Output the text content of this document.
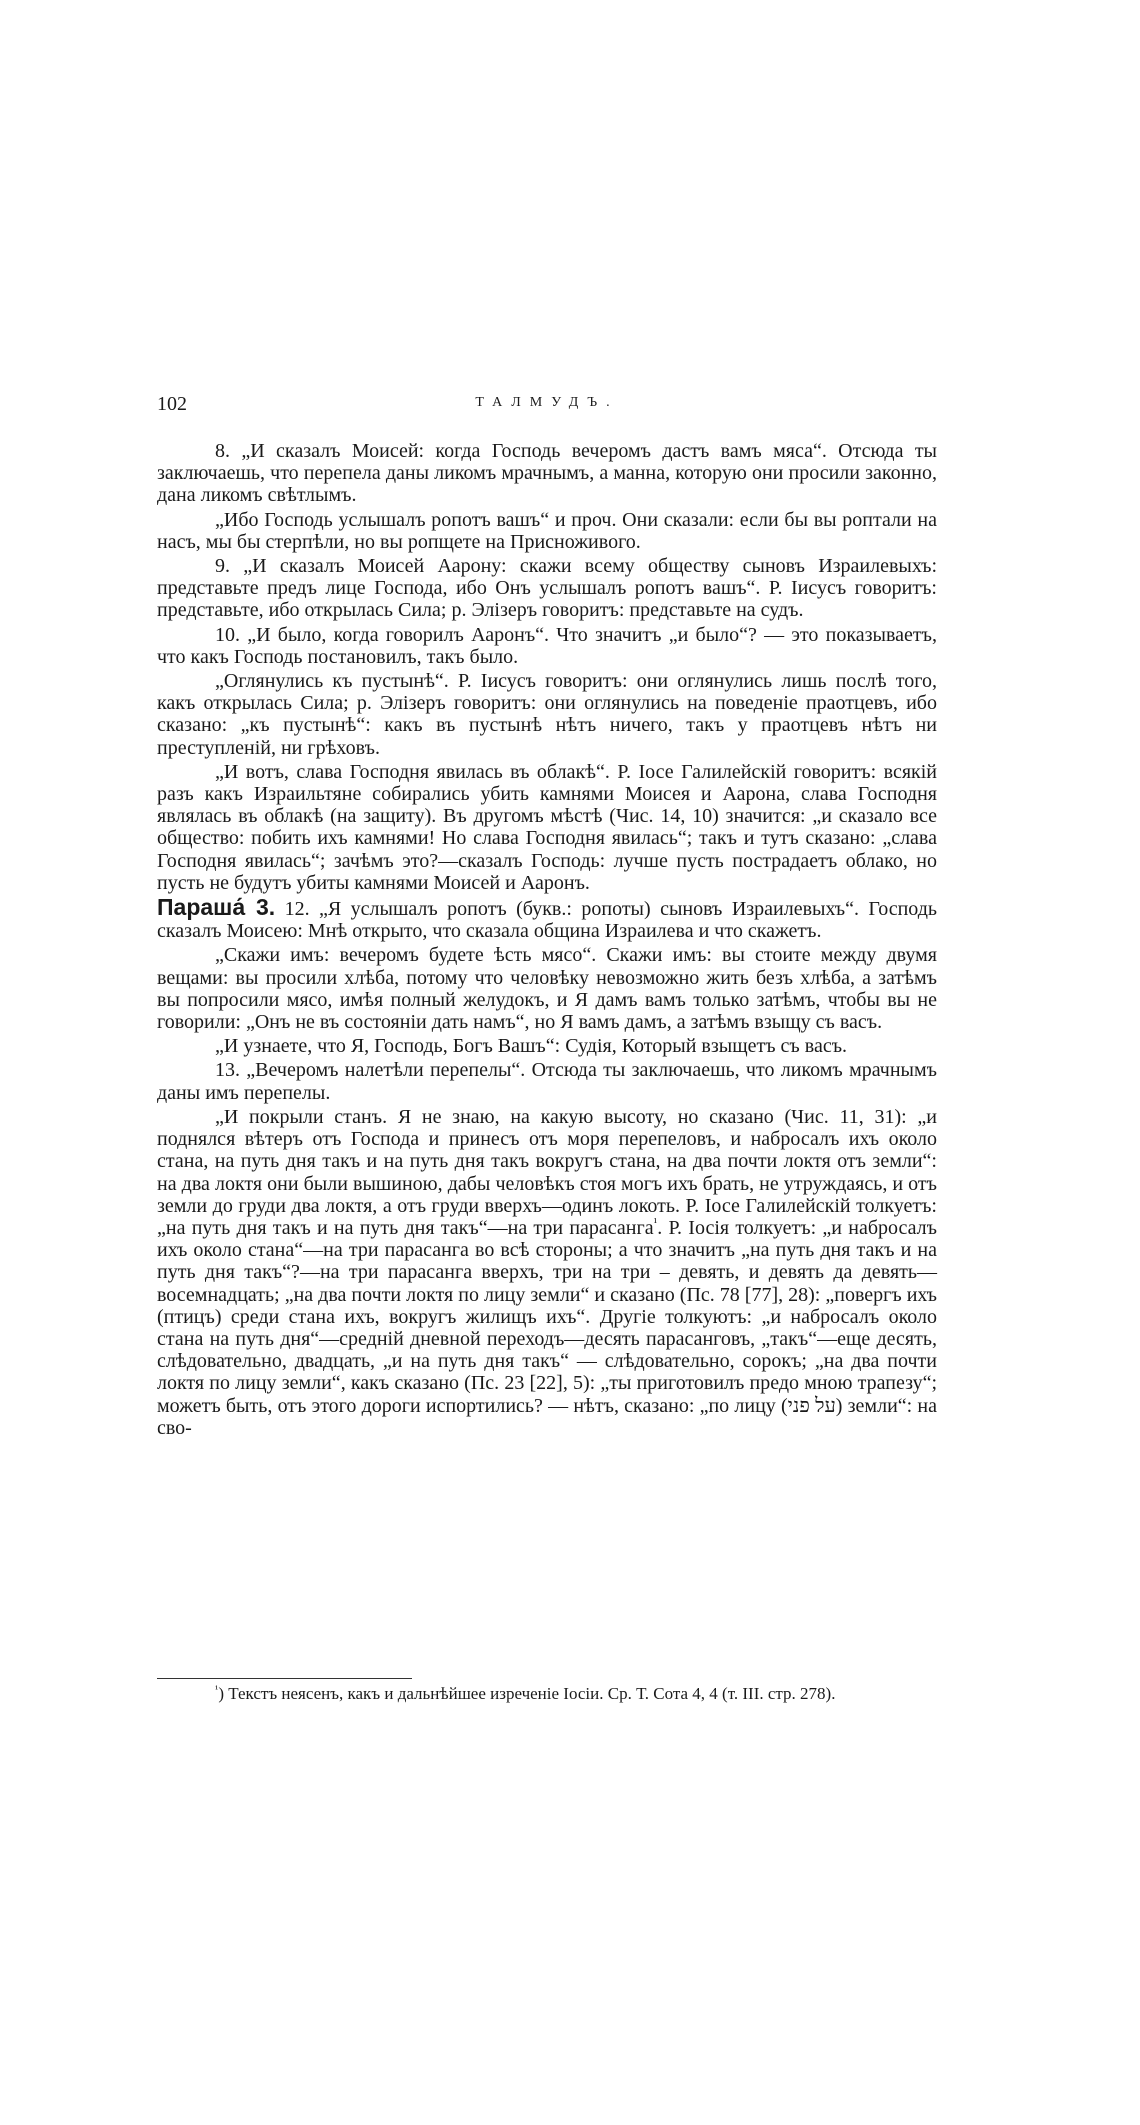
102	ТАЛМУДЪ.

8. „И сказалъ Моисей: когда Господь вечеромъ дастъ вамъ мяса“. Отсюда ты заключаешь, что перепела даны ликомъ мрачнымъ, а манна, которую они просили законно, дана ликомъ свѣтлымъ.

„Ибо Господь услышалъ ропотъ вашъ“ и проч. Они сказали: если бы вы роптали на насъ, мы бы стерпѣли, но вы ропщете на Присноживого.

9. „И сказалъ Моисей Аарону: скажи всему обществу сыновъ Израилевыхъ: представьте предъ лице Господа, ибо Онъ услышалъ ропотъ вашъ“. Р. Іисусъ говоритъ: представьте, ибо открылась Сила; р. Элізеръ говоритъ: представьте на судъ.

10. „И было, когда говорилъ Ааронъ“. Что значитъ „и было“? — это показываетъ, что какъ Господь постановилъ, такъ было.

„Оглянулись къ пустынѣ“. Р. Іисусъ говоритъ: они оглянулись лишь послѣ того, какъ открылась Сила; р. Элізеръ говоритъ: они оглянулись на поведеніе праотцевъ, ибо сказано: „къ пустынѣ“: какъ въ пустынѣ нѣтъ ничего, такъ у праотцевъ нѣтъ ни преступленій, ни грѣховъ.

„И вотъ, слава Господня явилась въ облакѣ“. Р. Іосе Галилейскій говоритъ: всякій разъ какъ Израильтяне собирались убить камнями Моисея и Аарона, слава Господня являлась въ облакѣ (на защиту). Въ другомъ мѣстѣ (Чис. 14, 10) значится: „и сказало все общество: побить ихъ камнями! Но слава Господня явилась“; такъ и тутъ сказано: „слава Господня явилась“; зачѣмъ это?—сказалъ Господь: лучше пусть пострадаетъ облако, но пусть не будутъ убиты камнями Моисей и Ааронъ.

Параша́ 3. 12. „Я услышалъ ропотъ (букв.: ропоты) сыновъ Израилевыхъ“. Господь сказалъ Моисею: Мнѣ открыто, что сказала община Израилева и что скажетъ.

„Скажи имъ: вечеромъ будете ѣсть мясо“. Скажи имъ: вы стоите между двумя вещами: вы просили хлѣба, потому что человѣку невозможно жить безъ хлѣба, а затѣмъ вы попросили мясо, имѣя полный желудокъ, и Я дамъ вамъ только затѣмъ, чтобы вы не говорили: „Онъ не въ состояніи дать намъ“, но Я вамъ дамъ, а затѣмъ взыщу съ васъ.

„И узнаете, что Я, Господь, Богъ Вашъ“: Судія, Который взыщетъ съ васъ.

13. „Вечеромъ налетѣли перепелы“. Отсюда ты заключаешь, что ликомъ мрачнымъ даны имъ перепелы.

„И покрыли станъ. Я не знаю, на какую высоту, но сказано (Чис. 11, 31): „и поднялся вѣтеръ отъ Господа и принесъ отъ моря перепеловъ, и набросалъ ихъ около стана, на путь дня такъ и на путь дня такъ вокругъ стана, на два почти локтя отъ земли“: на два локтя они были вышиною, дабы человѣкъ стоя могъ ихъ брать, не утруждаясь, и отъ земли до груди два локтя, а отъ груди вверхъ—одинъ локоть. Р. Іосе Галилейскій толкуетъ: „на путь дня такъ и на путь дня такъ“—на три парасанга$^{^1}$. Р. Іосія толкуетъ: „и набросалъ ихъ около стана“—на три парасанга во всѣ стороны; а что значитъ „на путь дня такъ и на путь дня такъ“?—на три парасанга вверхъ, три на три – девять, и девять да девять—восемнадцать; „на два почти локтя по лицу земли“ и сказано (Пс. 78 [77], 28): „повергъ ихъ (птицъ) среди стана ихъ, вокругъ жилищъ ихъ“. Другіе толкуютъ: „и набросалъ около стана на путь дня“—средній дневной переходъ—десять парасанговъ, „такъ“—еще десять, слѣдовательно, двадцать, „и на путь дня такъ“ — слѣдовательно, сорокъ; „на два почти локтя по лицу земли“, какъ сказано (Пс. 23 [22], 5): „ты приготовилъ предо мною трапезу“; можетъ быть, отъ этого дороги испортились? — нѣтъ, сказано: „по лицу (על פני) земли“: на сво-

$^{^1}$) Текстъ неясенъ, какъ и дальнѣйшее изреченіе Іосіи. Ср. Т. Сота 4, 4 (т. III. стр. 278).
